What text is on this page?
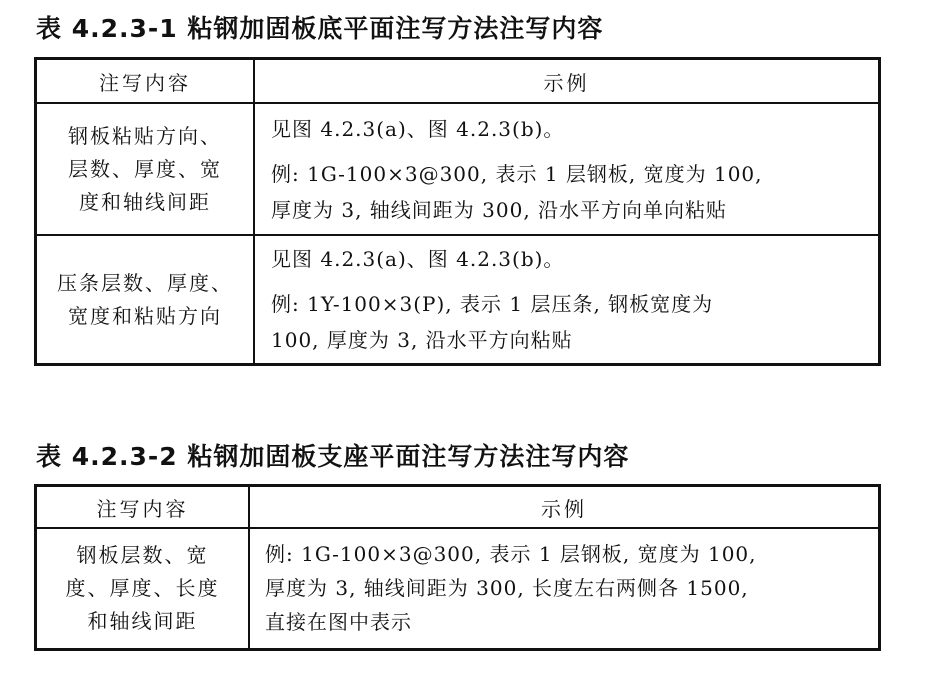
表 4.2.3-1 粘钢加固板底平面注写方法注写内容
注写内容	示例
钢板粘贴方向、
层数、厚度、宽
度和轴线间距

见图 4.2.3(a)、图 4.2.3(b)。

例: 1G-100×3@300, 表示 1 层钢板, 宽度为 100,

厚度为 3, 轴线间距为 300, 沿水平方向单向粘贴

压条层数、厚度、
宽度和粘贴方向

见图 4.2.3(a)、图 4.2.3(b)。

例: 1Y-100×3(P), 表示 1 层压条, 钢板宽度为

100, 厚度为 3, 沿水平方向粘贴

表 4.2.3-2 粘钢加固板支座平面注写方法注写内容
注写内容	示例
钢板层数、宽
度、厚度、长度
和轴线间距

例: 1G-100×3@300, 表示 1 层钢板, 宽度为 100,

厚度为 3, 轴线间距为 300, 长度左右两侧各 1500,

直接在图中表示
